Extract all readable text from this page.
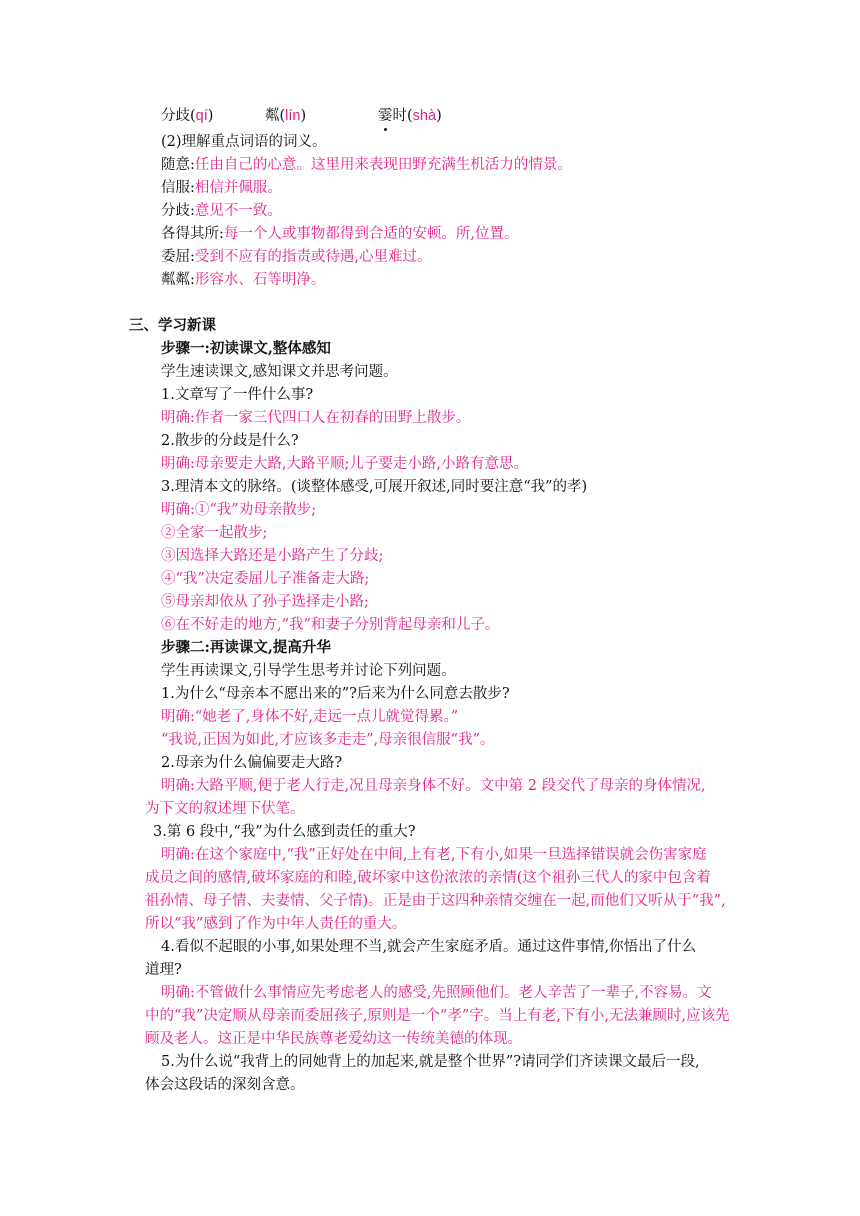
分歧(qí)	粼(lín)	霎时(shà)
(2)理解重点词语的词义。
随意:任由自己的心意。这里用来表现田野充满生机活力的情景。
信服:相信并佩服。
分歧:意见不一致。
各得其所:每一个人或事物都得到合适的安顿。所,位置。
委屈:受到不应有的指责或待遇,心里难过。
粼粼:形容水、石等明净。
三、学习新课
步骤一:初读课文,整体感知
学生速读课文,感知课文并思考问题。
1.文章写了一件什么事?
明确:作者一家三代四口人在初春的田野上散步。
2.散步的分歧是什么?
明确:母亲要走大路,大路平顺;儿子要走小路,小路有意思。
3.理清本文的脉络。(谈整体感受,可展开叙述,同时要注意“我”的孝)
明确:①“我”劝母亲散步;
②全家一起散步;
③因选择大路还是小路产生了分歧;
④“我”决定委屈儿子准备走大路;
⑤母亲却依从了孙子选择走小路;
⑥在不好走的地方,“我”和妻子分别背起母亲和儿子。
步骤二:再读课文,提高升华
学生再读课文,引导学生思考并讨论下列问题。
1.为什么“母亲本不愿出来的”?后来为什么同意去散步?
明确:“她老了,身体不好,走远一点儿就觉得累。”
“我说,正因为如此,才应该多走走”,母亲很信服“我”。
2.母亲为什么偏偏要走大路?
明确:大路平顺,便于老人行走,况且母亲身体不好。文中第 2 段交代了母亲的身体情况,
为下文的叙述埋下伏笔。
3.第 6 段中,“我”为什么感到责任的重大?
明确:在这个家庭中,“我”正好处在中间,上有老,下有小,如果一旦选择错误就会伤害家庭
成员之间的感情,破坏家庭的和睦,破坏家中这份浓浓的亲情(这个祖孙三代人的家中包含着
祖孙情、母子情、夫妻情、父子情)。正是由于这四种亲情交缠在一起,而他们又听从于“我”,
所以“我”感到了作为中年人责任的重大。
4.看似不起眼的小事,如果处理不当,就会产生家庭矛盾。通过这件事情,你悟出了什么
道理?
明确:不管做什么事情应先考虑老人的感受,先照顾他们。老人辛苦了一辈子,不容易。文
中的“我”决定顺从母亲而委屈孩子,原则是一个“孝”字。当上有老,下有小,无法兼顾时,应该先
顾及老人。这正是中华民族尊老爱幼这一传统美德的体现。
5.为什么说“我背上的同她背上的加起来,就是整个世界”?请同学们齐读课文最后一段,
体会这段话的深刻含意。
